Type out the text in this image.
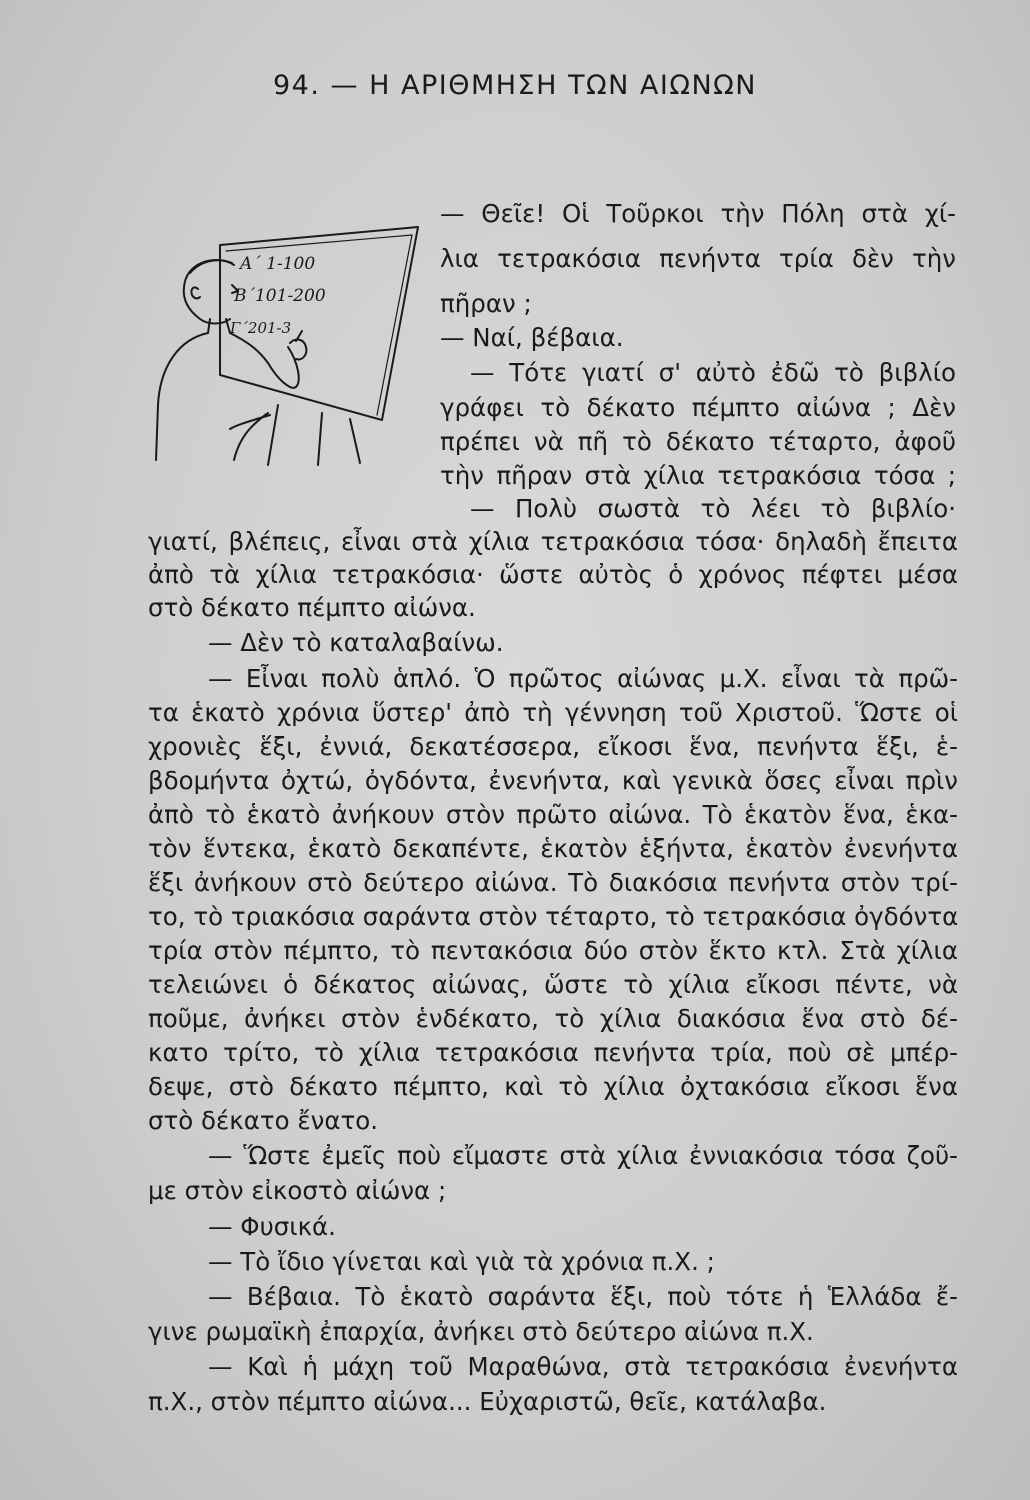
94. — Η ΑΡΙΘΜΗΣΗ ΤΩΝ ΑΙΩΝΩΝ
Α΄ 1-100
Β΄101-200
Γ΄201-3
— Θεῖε! Οἱ Τοῦρκοι τὴν Πόλη στὰ χί-
λια τετρακόσια πενήντα τρία δὲν τὴν
πῆραν ;
— Ναί, βέβαια.
— Τότε γιατί σ' αὐτὸ ἐδῶ τὸ βιβλίο
γράφει τὸ δέκατο πέμπτο αἰώνα ; Δὲν
πρέπει νὰ πῆ τὸ δέκατο τέταρτο, ἀφοῦ
τὴν πῆραν στὰ χίλια τετρακόσια τόσα ;
— Πολὺ σωστὰ τὸ λέει τὸ βιβλίο·
γιατί, βλέπεις, εἶναι στὰ χίλια τετρακόσια τόσα· δηλαδὴ ἔπειτα
ἀπὸ τὰ χίλια τετρακόσια· ὥστε αὐτὸς ὁ χρόνος πέφτει μέσα
στὸ δέκατο πέμπτο αἰώνα.
— Δὲν τὸ καταλαβαίνω.
— Εἶναι πολὺ ἁπλό. Ὁ πρῶτος αἰώνας μ.Χ. εἶναι τὰ πρῶ-
τα ἑκατὸ χρόνια ὕστερ' ἀπὸ τὴ γέννηση τοῦ Χριστοῦ. Ὥστε οἱ
χρονιὲς ἕξι, ἐννιά, δεκατέσσερα, εἴκοσι ἕνα, πενήντα ἕξι, ἑ-
βδομήντα ὀχτώ, ὀγδόντα, ἐνενήντα, καὶ γενικὰ ὅσες εἶναι πρὶν
ἀπὸ τὸ ἑκατὸ ἀνήκουν στὸν πρῶτο αἰώνα. Τὸ ἑκατὸν ἕνα, ἑκα-
τὸν ἕντεκα, ἑκατὸ δεκαπέντε, ἑκατὸν ἑξήντα, ἑκατὸν ἐνενήντα
ἕξι ἀνήκουν στὸ δεύτερο αἰώνα. Τὸ διακόσια πενήντα στὸν τρί-
το, τὸ τριακόσια σαράντα στὸν τέταρτο, τὸ τετρακόσια ὀγδόντα
τρία στὸν πέμπτο, τὸ πεντακόσια δύο στὸν ἕκτο κτλ. Στὰ χίλια
τελειώνει ὁ δέκατος αἰώνας, ὥστε τὸ χίλια εἴκοσι πέντε, νὰ
ποῦμε, ἀνήκει στὸν ἑνδέκατο, τὸ χίλια διακόσια ἕνα στὸ δέ-
κατο τρίτο, τὸ χίλια τετρακόσια πενήντα τρία, ποὺ σὲ μπέρ-
δεψε, στὸ δέκατο πέμπτο, καὶ τὸ χίλια ὀχτακόσια εἴκοσι ἕνα
στὸ δέκατο ἔνατο.
— Ὥστε ἐμεῖς ποὺ εἴμαστε στὰ χίλια ἐννιακόσια τόσα ζοῦ-
με στὸν εἰκοστὸ αἰώνα ;
— Φυσικά.
— Τὸ ἴδιο γίνεται καὶ γιὰ τὰ χρόνια π.Χ. ;
— Βέβαια. Τὸ ἑκατὸ σαράντα ἕξι, ποὺ τότε ἡ Ἑλλάδα ἔ-
γινε ρωμαϊκὴ ἐπαρχία, ἀνήκει στὸ δεύτερο αἰώνα π.Χ.
— Καὶ ἡ μάχη τοῦ Μαραθώνα, στὰ τετρακόσια ἐνενήντα
π.Χ., στὸν πέμπτο αἰώνα... Εὐχαριστῶ, θεῖε, κατάλαβα.
